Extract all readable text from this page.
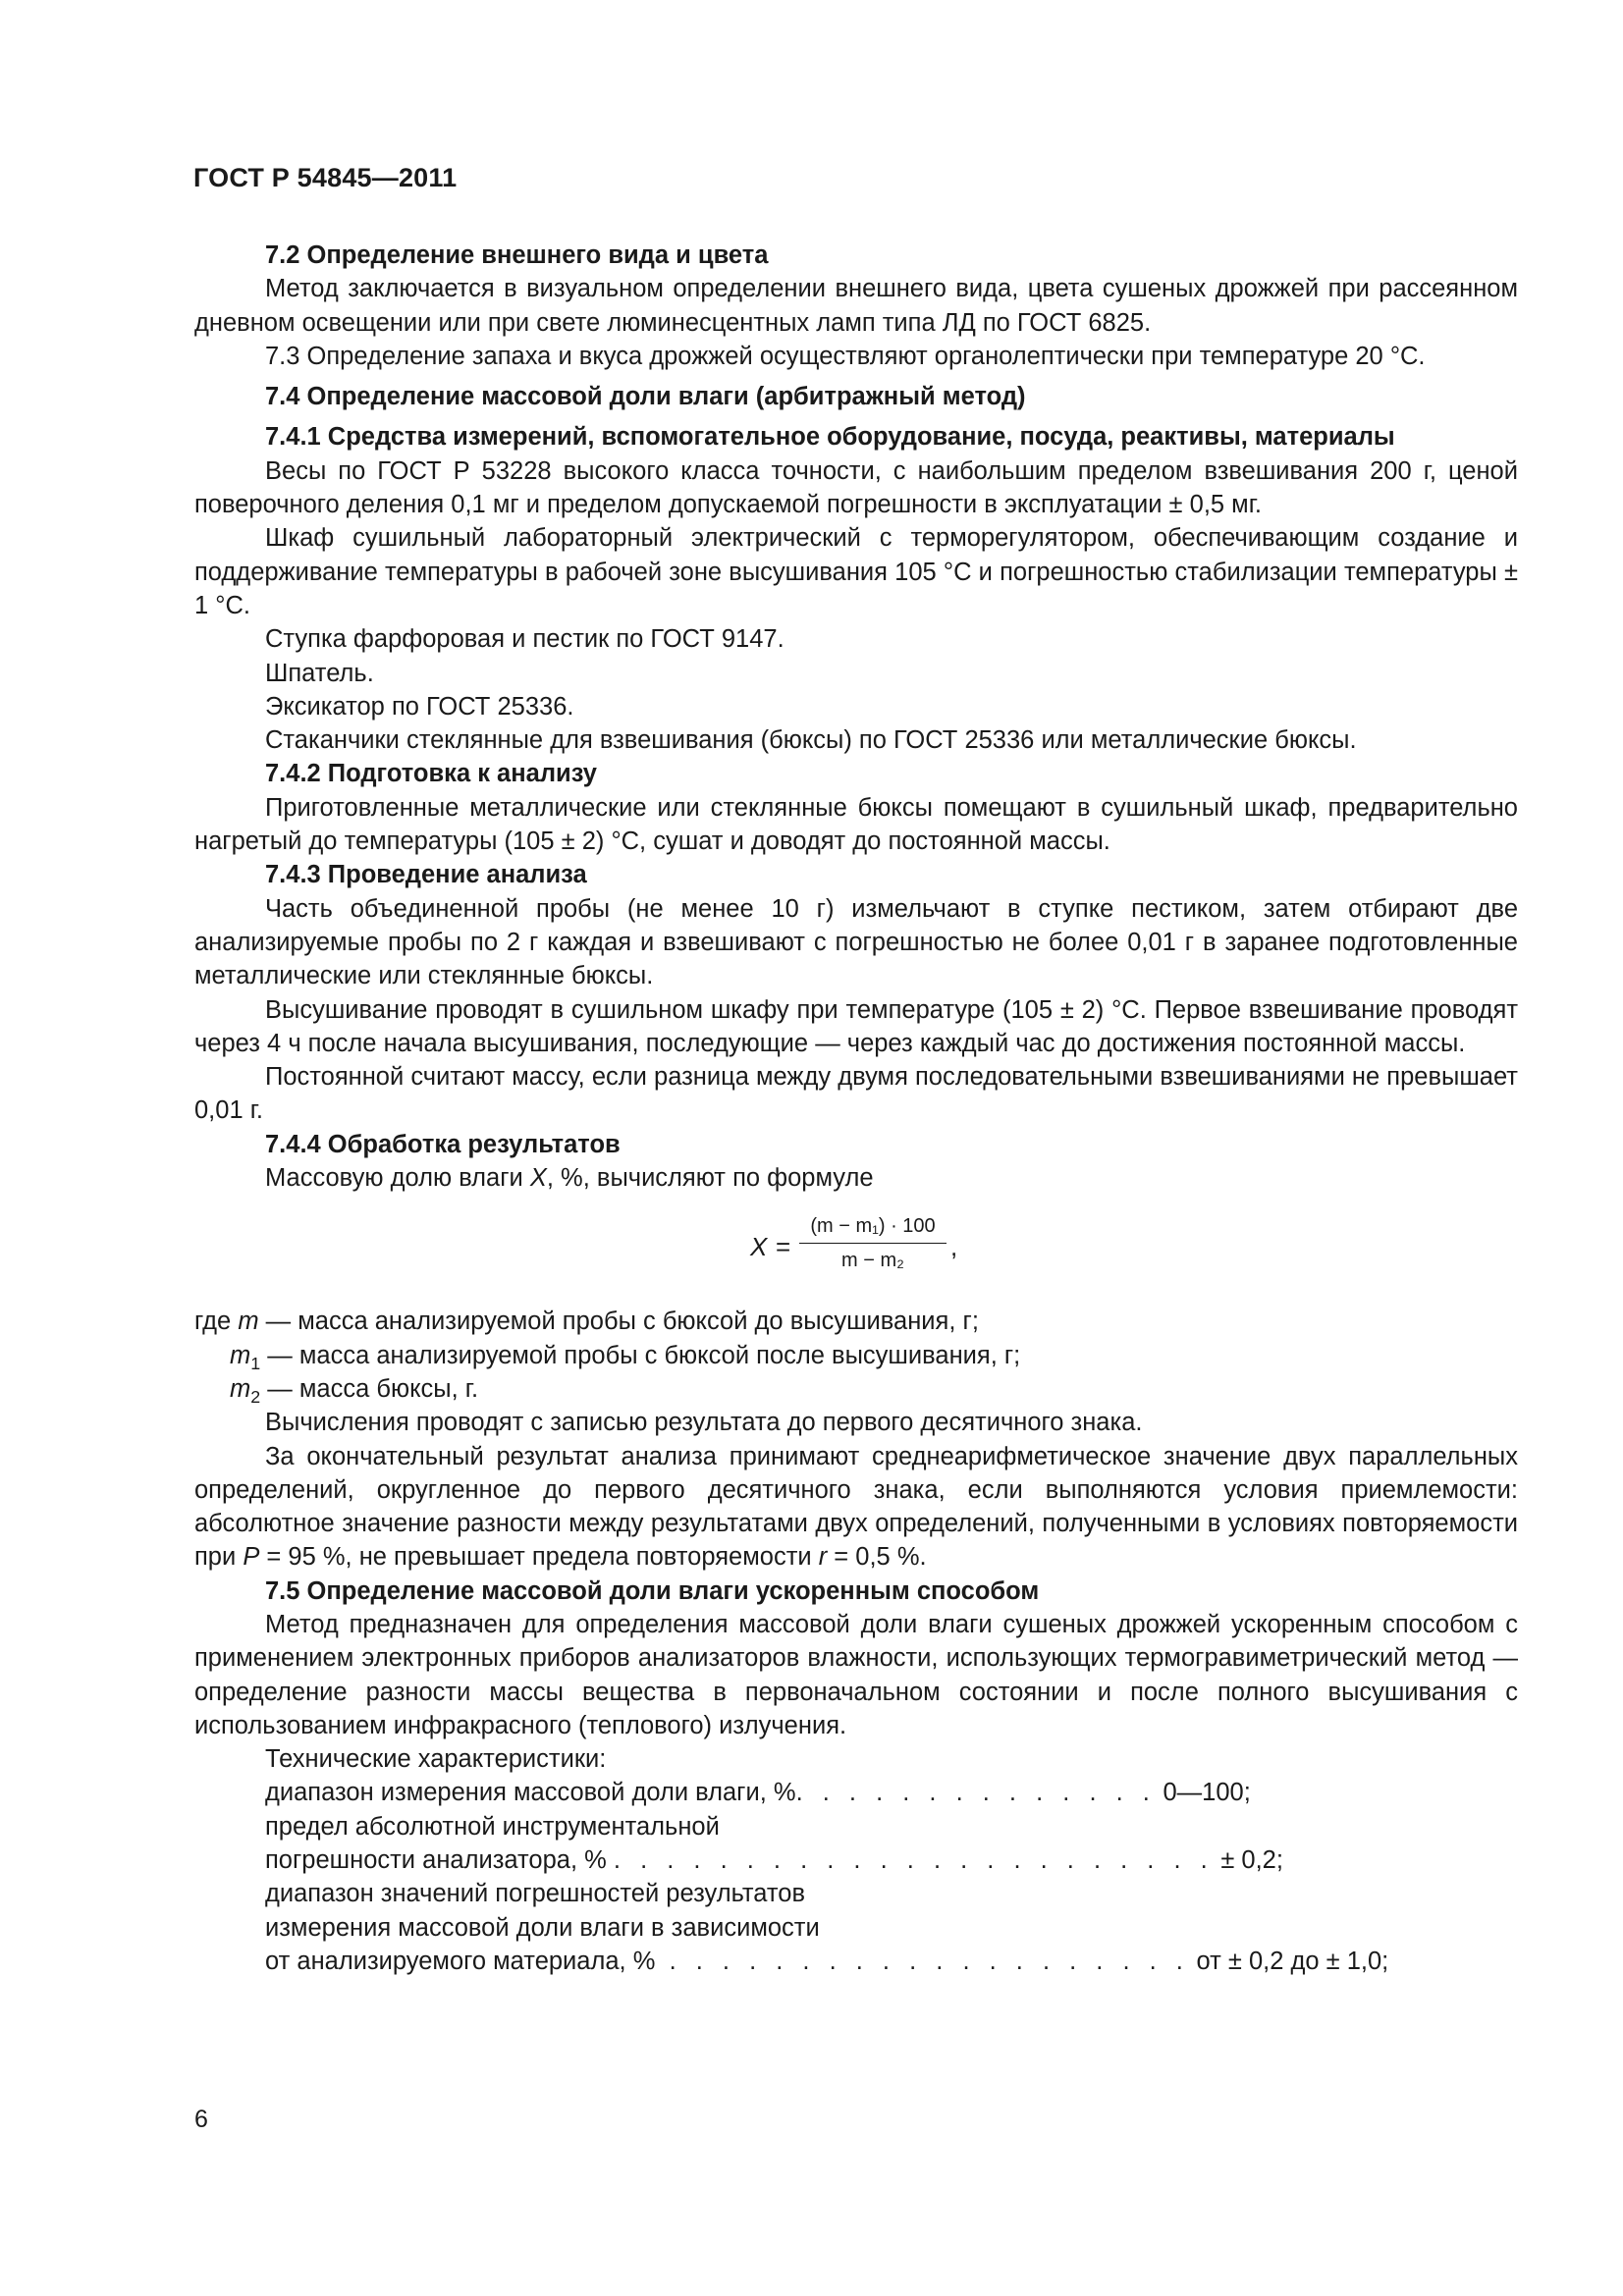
ГОСТ Р 54845—2011

7.2 Определение внешнего вида и цвета

Метод заключается в визуальном определении внешнего вида, цвета сушеных дрожжей при рассеянном дневном освещении или при свете люминесцентных ламп типа ЛД по ГОСТ 6825.

7.3 Определение запаха и вкуса дрожжей осуществляют органолептически при температуре 20 °С.

7.4 Определение массовой доли влаги (арбитражный метод)

7.4.1 Средства измерений, вспомогательное оборудование, посуда, реактивы, материалы

Весы по ГОСТ Р 53228 высокого класса точности, с наибольшим пределом взвешивания 200 г, ценой поверочного деления 0,1 мг и пределом допускаемой погрешности в эксплуатации ± 0,5 мг.

Шкаф сушильный лабораторный электрический с терморегулятором, обеспечивающим создание и поддерживание температуры в рабочей зоне высушивания 105 °С и погрешностью стабилизации температуры ± 1 °С.

Ступка фарфоровая и пестик по ГОСТ 9147.

Шпатель.

Эксикатор по ГОСТ 25336.

Стаканчики стеклянные для взвешивания (бюксы) по ГОСТ 25336 или металлические бюксы.

7.4.2 Подготовка к анализу

Приготовленные металлические или стеклянные бюксы помещают в сушильный шкаф, предварительно нагретый до температуры (105 ± 2) °С, сушат и доводят до постоянной массы.

7.4.3 Проведение анализа

Часть объединенной пробы (не менее 10 г) измельчают в ступке пестиком, затем отбирают две анализируемые пробы по 2 г каждая и взвешивают с погрешностью не более 0,01 г в заранее подготовленные металлические или стеклянные бюксы.

Высушивание проводят в сушильном шкафу при температуре (105 ± 2) °С. Первое взвешивание проводят через 4 ч после начала высушивания, последующие — через каждый час до достижения постоянной массы.

Постоянной считают массу, если разница между двумя последовательными взвешиваниями не превышает 0,01 г.

7.4.4 Обработка результатов

Массовую долю влаги X, %, вычисляют по формуле

X =
(m − m₁) · 100
m − m₂	,

где m — масса анализируемой пробы с бюксой до высушивания, г;

$m_1$ — масса анализируемой пробы с бюксой после высушивания, г;

$m_2$ — масса бюксы, г.

Вычисления проводят с записью результата до первого десятичного знака.

За окончательный результат анализа принимают среднеарифметическое значение двух параллельных определений, округленное до первого десятичного знака, если выполняются условия приемлемости: абсолютное значение разности между результатами двух определений, полученными в условиях повторяемости при P = 95 %, не превышает предела повторяемости r = 0,5 %.

7.5 Определение массовой доли влаги ускоренным способом

Метод предназначен для определения массовой доли влаги сушеных дрожжей ускоренным способом с применением электронных приборов анализаторов влажности, использующих термогравиметрический метод — определение разности массы вещества в первоначальном состоянии и после полного высушивания с использованием инфракрасного (теплового) излучения.

Технические характеристики:

диапазон измерения массовой доли влаги, %. . . . . . . . . . . . . . 0—100;

предел абсолютной инструментальной

погрешности анализатора, % . . . . . . . . . . . . . . . . . . . . . . . ± 0,2;

диапазон значений погрешностей результатов

измерения массовой доли влаги в зависимости

от анализируемого материала, % . . . . . . . . . . . . . . . . . . . . от ± 0,2 до ± 1,0;

6
